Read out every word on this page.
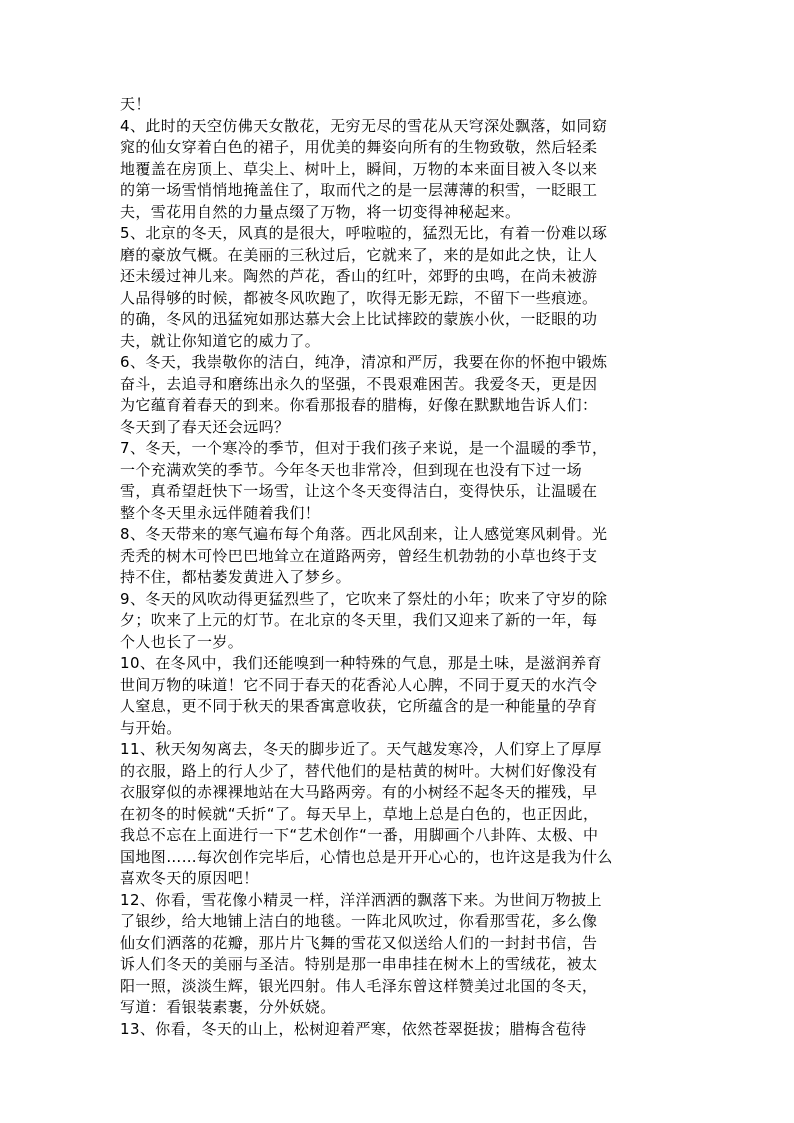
天！
4、此时的天空仿佛天女散花，无穷无尽的雪花从天穹深处飘落，如同窈
窕的仙女穿着白色的裙子，用优美的舞姿向所有的生物致敬，然后轻柔
地覆盖在房顶上、草尖上、树叶上，瞬间，万物的本来面目被入冬以来
的第一场雪悄悄地掩盖住了，取而代之的是一层薄薄的积雪，一眨眼工
夫，雪花用自然的力量点缀了万物，将一切变得神秘起来。
5、北京的冬天，风真的是很大，呼啦啦的，猛烈无比，有着一份难以琢
磨的豪放气概。在美丽的三秋过后，它就来了，来的是如此之快，让人
还未缓过神儿来。陶然的芦花，香山的红叶，郊野的虫鸣，在尚未被游
人品得够的时候，都被冬风吹跑了，吹得无影无踪，不留下一些痕迹。
的确，冬风的迅猛宛如那达慕大会上比试摔跤的蒙族小伙，一眨眼的功
夫，就让你知道它的威力了。
6、冬天，我崇敬你的洁白，纯净，清凉和严厉，我要在你的怀抱中锻炼
奋斗，去追寻和磨练出永久的坚强，不畏艰难困苦。我爱冬天，更是因
为它蕴育着春天的到来。你看那报春的腊梅，好像在默默地告诉人们：
冬天到了春天还会远吗？
7、冬天，一个寒冷的季节，但对于我们孩子来说，是一个温暖的季节，
一个充满欢笑的季节。今年冬天也非常冷，但到现在也没有下过一场
雪，真希望赶快下一场雪，让这个冬天变得洁白，变得快乐，让温暖在
整个冬天里永远伴随着我们！
8、冬天带来的寒气遍布每个角落。西北风刮来，让人感觉寒风刺骨。光
秃秃的树木可怜巴巴地耸立在道路两旁，曾经生机勃勃的小草也终于支
持不住，都枯萎发黄进入了梦乡。
9、冬天的风吹动得更猛烈些了，它吹来了祭灶的小年；吹来了守岁的除
夕；吹来了上元的灯节。在北京的冬天里，我们又迎来了新的一年，每
个人也长了一岁。
10、在冬风中，我们还能嗅到一种特殊的气息，那是土味，是滋润养育
世间万物的味道！它不同于春天的花香沁人心脾，不同于夏天的水汽令
人窒息，更不同于秋天的果香寓意收获，它所蕴含的是一种能量的孕育
与开始。
11、秋天匆匆离去，冬天的脚步近了。天气越发寒冷，人们穿上了厚厚
的衣服，路上的行人少了，替代他们的是枯黄的树叶。大树们好像没有
衣服穿似的赤裸裸地站在大马路两旁。有的小树经不起冬天的摧残，早
在初冬的时候就“夭折“了。每天早上，草地上总是白色的，也正因此，
我总不忘在上面进行一下“艺术创作“一番，用脚画个八卦阵、太极、中
国地图……每次创作完毕后，心情也总是开开心心的，也许这是我为什么
喜欢冬天的原因吧！
12、你看，雪花像小精灵一样，洋洋洒洒的飘落下来。为世间万物披上
了银纱，给大地铺上洁白的地毯。一阵北风吹过，你看那雪花，多么像
仙女们洒落的花瓣，那片片飞舞的雪花又似送给人们的一封封书信，告
诉人们冬天的美丽与圣洁。特别是那一串串挂在树木上的雪绒花，被太
阳一照，淡淡生辉，银光四射。伟人毛泽东曾这样赞美过北国的冬天，
写道：看银装素裹，分外妖娆。
13、你看，冬天的山上，松树迎着严寒，依然苍翠挺拔；腊梅含苞待
